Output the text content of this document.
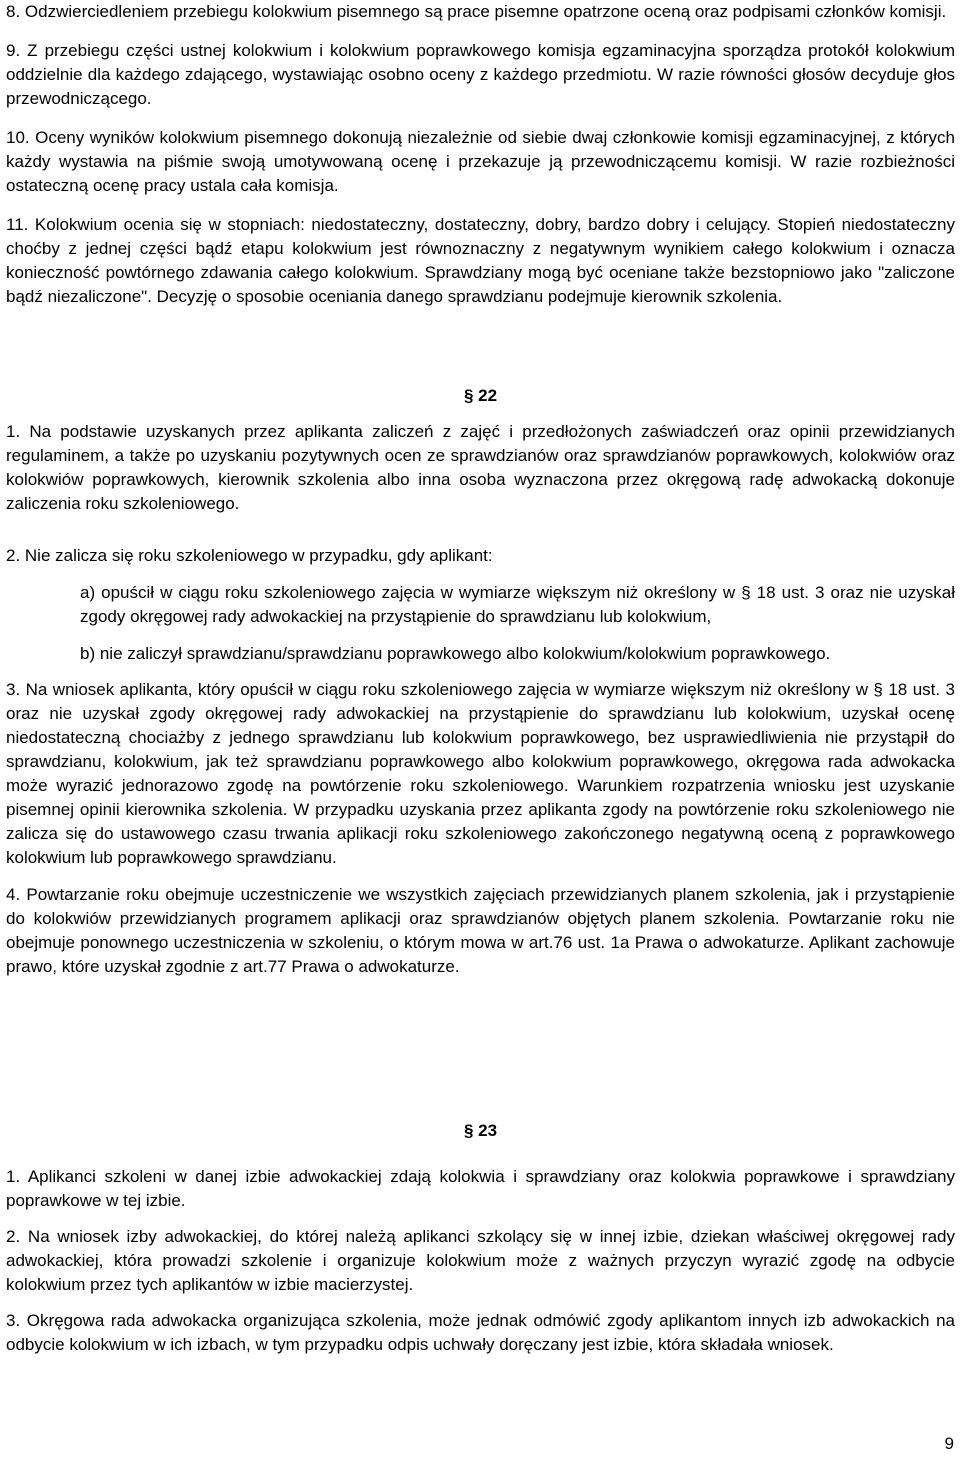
8. Odzwierciedleniem przebiegu kolokwium pisemnego są prace pisemne opatrzone oceną oraz podpisami członków komisji.

9. Z przebiegu części ustnej kolokwium i kolokwium poprawkowego komisja egzaminacyjna sporządza protokół kolokwium oddzielnie dla każdego zdającego, wystawiając osobno oceny z każdego przedmiotu. W razie równości głosów decyduje głos przewodniczącego.

10. Oceny wyników kolokwium pisemnego dokonują niezależnie od siebie dwaj członkowie komisji egzaminacyjnej, z których każdy wystawia na piśmie swoją umotywowaną ocenę i przekazuje ją przewodniczącemu komisji. W razie rozbieżności ostateczną ocenę pracy ustala cała komisja.

11. Kolokwium ocenia się w stopniach: niedostateczny, dostateczny, dobry, bardzo dobry i celujący. Stopień niedostateczny choćby z jednej części bądź etapu kolokwium jest równoznaczny z negatywnym wynikiem całego kolokwium i oznacza konieczność powtórnego zdawania całego kolokwium. Sprawdziany mogą być oceniane także bezstopniowo jako "zaliczone bądź niezaliczone". Decyzję o sposobie oceniania danego sprawdzianu podejmuje kierownik szkolenia.

§ 22

1. Na podstawie uzyskanych przez aplikanta zaliczeń z zajęć i przedłożonych zaświadczeń oraz opinii przewidzianych regulaminem, a także po uzyskaniu pozytywnych ocen ze sprawdzianów oraz sprawdzianów poprawkowych, kolokwiów oraz kolokwiów poprawkowych, kierownik szkolenia albo inna osoba wyznaczona przez okręgową radę adwokacką dokonuje zaliczenia roku szkoleniowego.

2. Nie zalicza się roku szkoleniowego w przypadku, gdy aplikant:

a) opuścił w ciągu roku szkoleniowego zajęcia w wymiarze większym niż określony w § 18 ust. 3 oraz nie uzyskał zgody okręgowej rady adwokackiej na przystąpienie do sprawdzianu lub kolokwium,

b) nie zaliczył sprawdzianu/sprawdzianu poprawkowego albo kolokwium/kolokwium poprawkowego.

3. Na wniosek aplikanta, który opuścił w ciągu roku szkoleniowego zajęcia w wymiarze większym niż określony w § 18 ust. 3 oraz nie uzyskał zgody okręgowej rady adwokackiej na przystąpienie do sprawdzianu lub kolokwium, uzyskał ocenę niedostateczną chociażby z jednego sprawdzianu lub kolokwium poprawkowego, bez usprawiedliwienia nie przystąpił do sprawdzianu, kolokwium, jak też sprawdzianu poprawkowego albo kolokwium poprawkowego, okręgowa rada adwokacka może wyrazić jednorazowo zgodę na powtórzenie roku szkoleniowego. Warunkiem rozpatrzenia wniosku jest uzyskanie pisemnej opinii kierownika szkolenia. W przypadku uzyskania przez aplikanta zgody na powtórzenie roku szkoleniowego nie zalicza się do ustawowego czasu trwania aplikacji roku szkoleniowego zakończonego negatywną oceną z poprawkowego kolokwium lub poprawkowego sprawdzianu.

4. Powtarzanie roku obejmuje uczestniczenie we wszystkich zajęciach przewidzianych planem szkolenia, jak i przystąpienie do kolokwiów przewidzianych programem aplikacji oraz sprawdzianów objętych planem szkolenia. Powtarzanie roku nie obejmuje ponownego uczestniczenia w szkoleniu, o którym mowa w art.76 ust. 1a Prawa o adwokaturze. Aplikant zachowuje prawo, które uzyskał zgodnie z art.77 Prawa o adwokaturze.

§ 23

1. Aplikanci szkoleni w danej izbie adwokackiej zdają kolokwia i sprawdziany oraz kolokwia poprawkowe i sprawdziany poprawkowe w tej izbie.

2. Na wniosek izby adwokackiej, do której należą aplikanci szkolący się w innej izbie, dziekan właściwej okręgowej rady adwokackiej, która prowadzi szkolenie i organizuje kolokwium może z ważnych przyczyn wyrazić zgodę na odbycie kolokwium przez tych aplikantów w izbie macierzystej.

3. Okręgowa rada adwokacka organizująca szkolenia, może jednak odmówić zgody aplikantom innych izb adwokackich na odbycie kolokwium w ich izbach, w tym przypadku odpis uchwały doręczany jest izbie, która składała wniosek.

9
